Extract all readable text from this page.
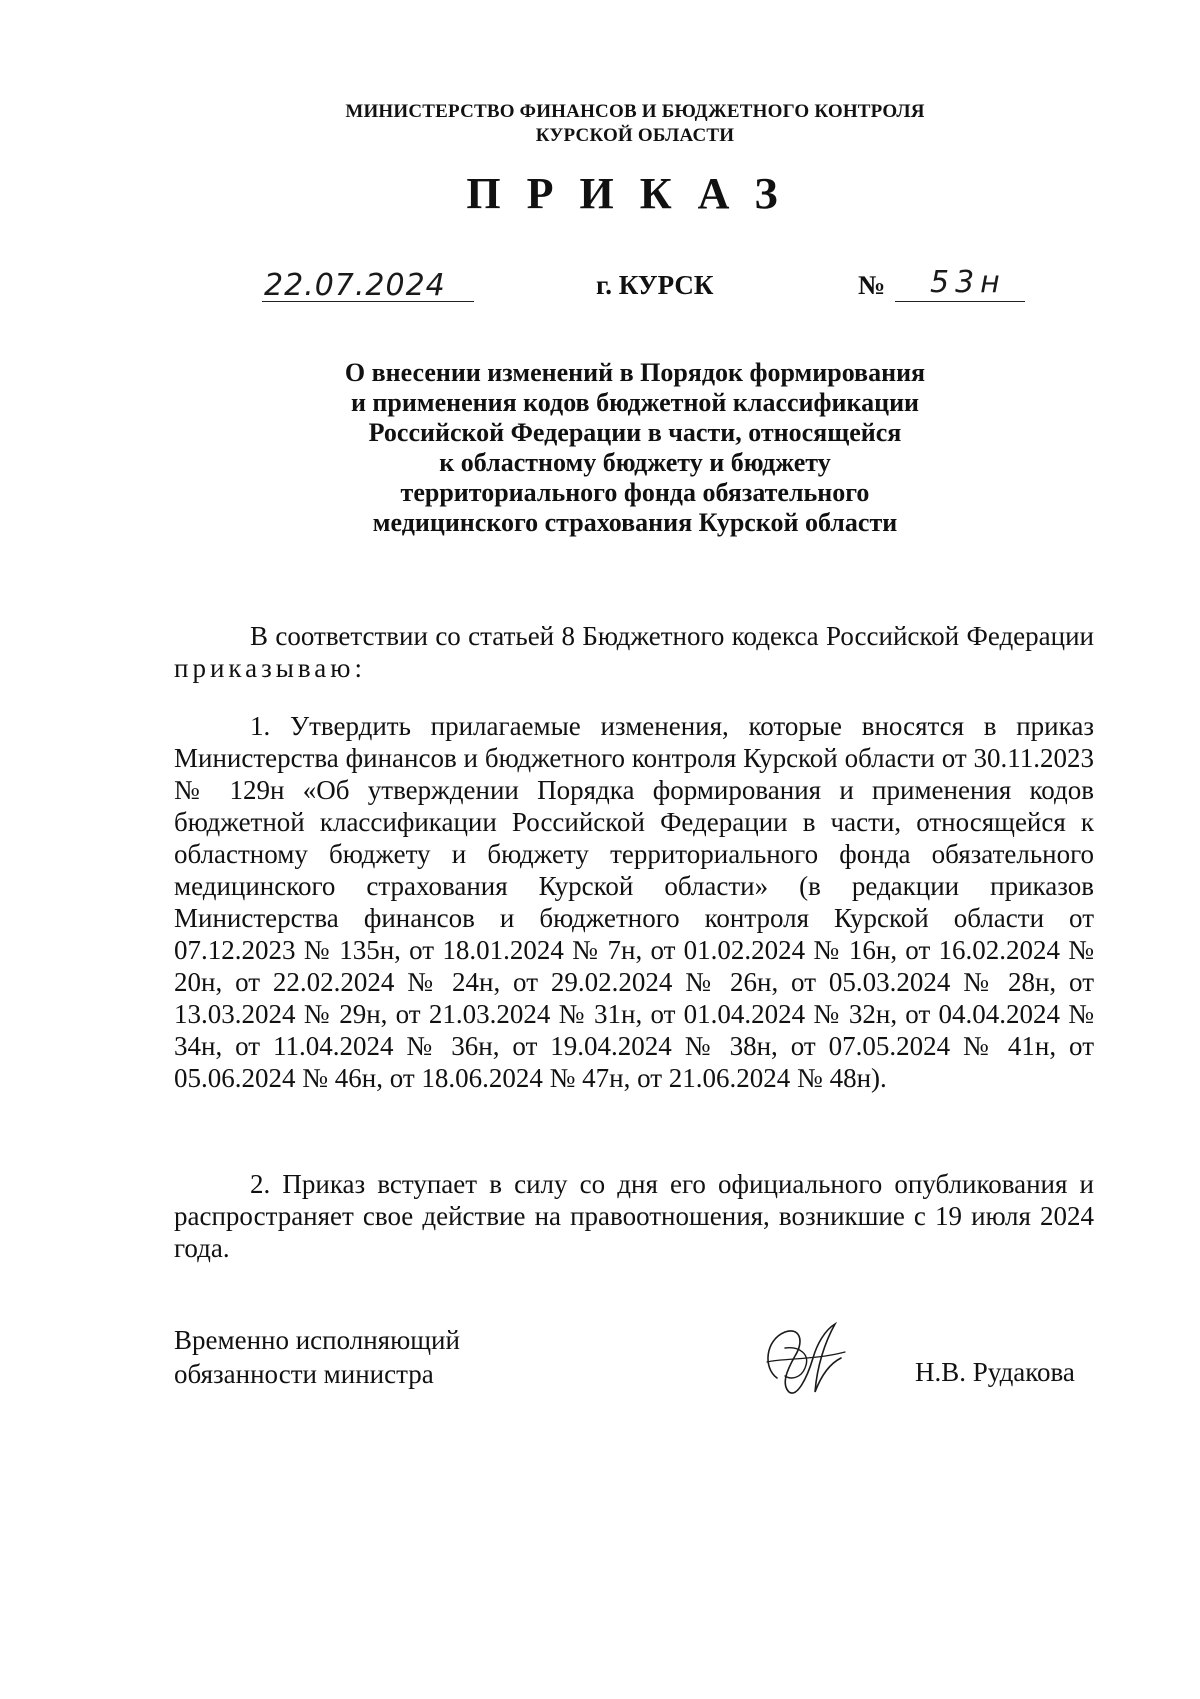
МИНИСТЕРСТВО ФИНАНСОВ И БЮДЖЕТНОГО КОНТРОЛЯ
КУРСКОЙ ОБЛАСТИ
ПРИКАЗ
22.07.2024	г. КУРСК	№ 53н
О внесении изменений в Порядок формирования
и применения кодов бюджетной классификации
Российской Федерации в части, относящейся
к областному бюджету и бюджету
территориального фонда обязательного
медицинского страхования Курской области

В соответствии со статьей 8 Бюджетного кодекса Российской Федерации приказываю:

1. Утвердить прилагаемые изменения, которые вносятся в приказ Министерства финансов и бюджетного контроля Курской области от 30.11.2023 № 129н «Об утверждении Порядка формирования и применения кодов бюджетной классификации Российской Федерации в части, относящейся к областному бюджету и бюджету территориального фонда обязательного медицинского страхования Курской области» (в редакции приказов Министерства финансов и бюджетного контроля Курской области от 07.12.2023 № 135н, от 18.01.2024 № 7н, от 01.02.2024 № 16н, от 16.02.2024 № 20н, от 22.02.2024 № 24н, от 29.02.2024 № 26н, от 05.03.2024 № 28н, от 13.03.2024 № 29н, от 21.03.2024 № 31н, от 01.04.2024 № 32н, от 04.04.2024 № 34н, от 11.04.2024 № 36н, от 19.04.2024 № 38н, от 07.05.2024 № 41н, от 05.06.2024 № 46н, от 18.06.2024 № 47н, от 21.06.2024 № 48н).

2. Приказ вступает в силу со дня его официального опубликования и распространяет свое действие на правоотношения, возникшие с 19 июля 2024 года.

Временно исполняющий
обязанности министра	Н.В. Рудакова
